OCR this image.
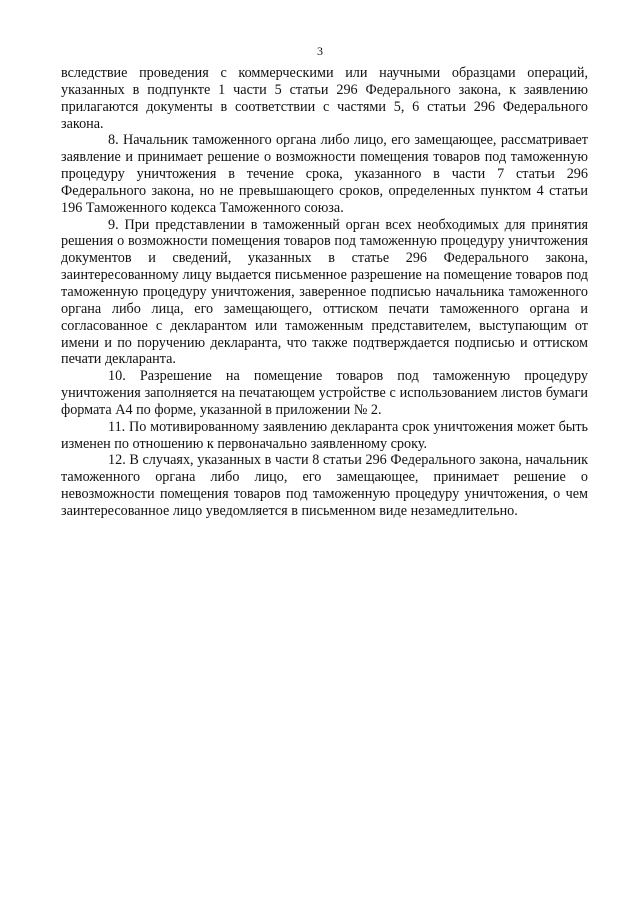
3

вследствие проведения с коммерческими или научными образцами операций, указанных в подпункте 1 части 5 статьи 296 Федерального закона, к заявлению прилагаются документы в соответствии с частями 5, 6 статьи 296 Федерального закона.

8. Начальник таможенного органа либо лицо, его замещающее, рассматривает заявление и принимает решение о возможности помещения товаров под таможенную процедуру уничтожения в течение срока, указанного в части 7 статьи 296 Федерального закона, но не превышающего сроков, определенных пунктом 4 статьи 196 Таможенного кодекса Таможенного союза.

9. При представлении в таможенный орган всех необходимых для принятия решения о возможности помещения товаров под таможенную процедуру уничтожения документов и сведений, указанных в статье 296 Федерального закона, заинтересованному лицу выдается письменное разрешение на помещение товаров под таможенную процедуру уничтожения, заверенное подписью начальника таможенного органа либо лица, его замещающего, оттиском печати таможенного органа и согласованное с декларантом или таможенным представителем, выступающим от имени и по поручению декларанта, что также подтверждается подписью и оттиском печати декларанта.

10. Разрешение на помещение товаров под таможенную процедуру уничтожения заполняется на печатающем устройстве с использованием листов бумаги формата А4 по форме, указанной в приложении № 2.

11. По мотивированному заявлению декларанта срок уничтожения может быть изменен по отношению к первоначально заявленному сроку.

12. В случаях, указанных в части 8 статьи 296 Федерального закона, начальник таможенного органа либо лицо, его замещающее, принимает решение о невозможности помещения товаров под таможенную процедуру уничтожения, о чем заинтересованное лицо уведомляется в письменном виде незамедлительно.
